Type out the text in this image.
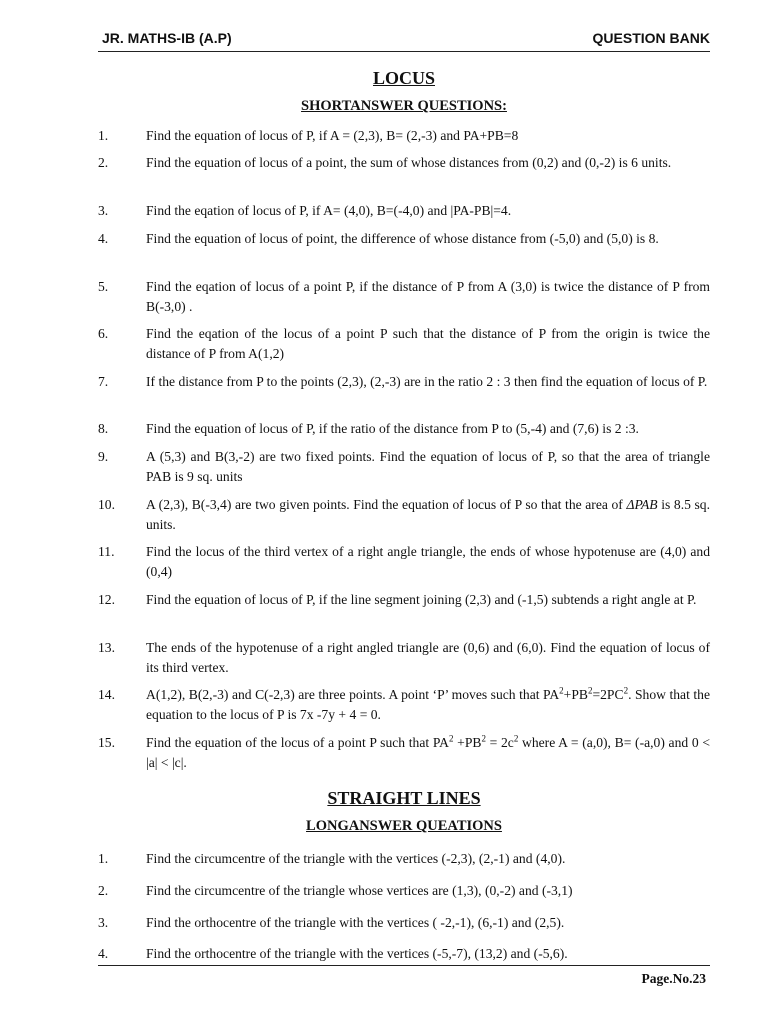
JR. MATHS-IB (A.P)	QUESTION BANK
LOCUS
SHORTANSWER QUESTIONS:
1.	Find the equation of locus of P, if A = (2,3), B= (2,-3) and PA+PB=8
2.	Find the equation of locus of a point, the sum of whose distances from (0,2) and (0,-2) is 6 units.
3.	Find the eqation of locus of P, if A= (4,0), B=(-4,0) and |PA-PB|=4.
4.	Find the equation of locus of point, the difference of whose distance from (-5,0) and (5,0) is 8.
5.	Find the eqation of locus of a point P, if the distance of P from A (3,0) is twice the distance of P from B(-3,0) .
6.	Find the eqation of the locus of a point P such that the distance of P from the origin is twice the distance of P from A(1,2)
7.	If the distance from P to the points (2,3), (2,-3) are in the ratio 2 : 3 then find the equation of locus of P.
8.	Find the equation of locus of P, if the ratio of the distance from P to (5,-4) and (7,6) is 2 :3.
9.	A (5,3) and B(3,-2) are two fixed points. Find the equation of locus of P, so that the area of triangle PAB is 9 sq. units
10. A (2,3), B(-3,4) are two given points. Find the equation of locus of P so that the area of ΔPAB is 8.5 sq. units.
11. Find the locus of the third vertex of a right angle triangle, the ends of whose hypotenuse are (4,0) and (0,4)
12. Find the equation of locus of P, if the line segment joining (2,3) and (-1,5) subtends a right angle at P.
13. The ends of the hypotenuse of a right angled triangle are (0,6) and (6,0). Find the equation of locus of its third vertex.
14. A(1,2), B(2,-3) and C(-2,3) are three points. A point ‘P’ moves such that $PA^2+PB^2=2PC^2$. Show that the equation to the locus of P is 7x -7y + 4 = 0.
15. Find the equation of the locus of a point P such that $PA^2 +PB^2 = 2c^2$ where A = (a,0), B= (-a,0) and 0 < |a| < |c|.
STRAIGHT LINES
LONGANSWER QUEATIONS
1.	Find the circumcentre of the triangle with the vertices (-2,3), (2,-1) and (4,0).
2.	Find the circumcentre of the triangle whose vertices are (1,3), (0,-2) and (-3,1)
3.	Find the orthocentre of the triangle with the vertices ( -2,-1), (6,-1) and (2,5).
4.	Find the orthocentre of the triangle with the vertices (-5,-7), (13,2) and (-5,6).
Page.No.23
